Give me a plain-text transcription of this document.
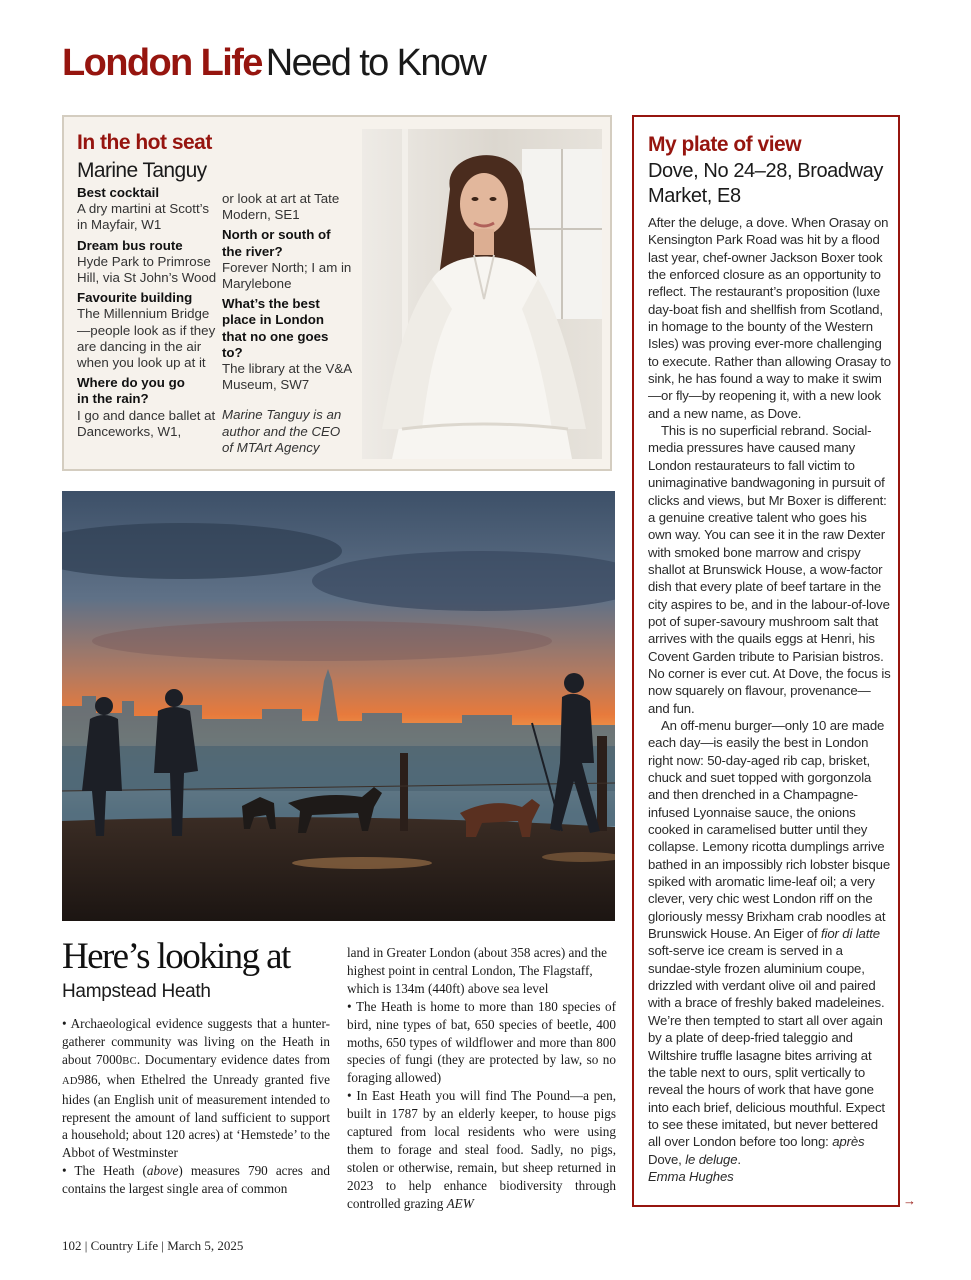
London Life Need to Know
In the hot seat
Marine Tanguy
Best cocktail
A dry martini at Scott’s in Mayfair, W1
Dream bus route
Hyde Park to Primrose Hill, via St John’s Wood
Favourite building
The Millennium Bridge—people look as if they are dancing in the air when you look up at it
Where do you go in the rain?
I go and dance ballet at Danceworks, W1,
or look at art at Tate Modern, SE1
North or south of the river?
Forever North; I am in Marylebone
What’s the best place in London that no one goes to?
The library at the V&A Museum, SW7
Marine Tanguy is an author and the CEO of MTArt Agency
Here’s looking at
Hampstead Heath

• Archaeological evidence suggests that a hunter-gatherer community was living on the Heath in about 7000BC. Documentary evidence dates from AD986, when Ethelred the Unready granted five hides (an English unit of measurement intended to represent the amount of land sufficient to support a household; about 120 acres) at ‘Hemstede’ to the Abbot of Westminster

• The Heath (above) measures 790 acres and contains the largest single area of common

land in Greater London (about 358 acres) and the highest point in central London, The Flagstaff, which is 134m (440ft) above sea level

• The Heath is home to more than 180 species of bird, nine types of bat, 650 species of beetle, 400 moths, 650 types of wildflower and more than 800 species of fungi (they are protected by law, so no foraging allowed)

• In East Heath you will find The Pound—a pen, built in 1787 by an elderly keeper, to house pigs captured from local residents who were using them to forage and steal food. Sadly, no pigs, stolen or otherwise, remain, but sheep returned in 2023 to help enhance biodiversity through controlled grazing AEW

My plate of view
Dove, No 24–28, Broadway Market, E8

After the deluge, a dove. When Orasay on Kensington Park Road was hit by a flood last year, chef-owner Jackson Boxer took the enforced closure as an opportunity to reflect. The restaurant’s proposition (luxe day-boat fish and shellfish from Scotland, in homage to the bounty of the Western Isles) was proving ever-more challenging to execute. Rather than allowing Orasay to sink, he has found a way to make it swim—or fly—by reopening it, with a new look and a new name, as Dove.

This is no superficial rebrand. Social-media pressures have caused many London restaurateurs to fall victim to unimaginative bandwagoning in pursuit of clicks and views, but Mr Boxer is different: a genuine creative talent who goes his own way. You can see it in the raw Dexter with smoked bone marrow and crispy shallot at Brunswick House, a wow-factor dish that every plate of beef tartare in the city aspires to be, and in the labour-of-love pot of super-savoury mushroom salt that arrives with the quails eggs at Henri, his Covent Garden tribute to Parisian bistros. No corner is ever cut. At Dove, the focus is now squarely on flavour, provenance—and fun.

An off-menu burger—only 10 are made each day—is easily the best in London right now: 50-day-aged rib cap, brisket, chuck and suet topped with gorgonzola and then drenched in a Champagne-infused Lyonnaise sauce, the onions cooked in caramelised butter until they collapse. Lemony ricotta dumplings arrive bathed in an impossibly rich lobster bisque spiked with aromatic lime-leaf oil; a very clever, very chic west London riff on the gloriously messy Brixham crab noodles at Brunswick House. An Eiger of fior di latte soft-serve ice cream is served in a sundae-style frozen aluminium coupe, drizzled with verdant olive oil and paired with a brace of freshly baked madeleines. We’re then tempted to start all over again by a plate of deep-fried taleggio and Wiltshire truffle lasagne bites arriving at the table next to ours, split vertically to reveal the hours of work that have gone into each brief, delicious mouthful. Expect to see these imitated, but never bettered all over London before too long: après Dove, le deluge.

Emma Hughes

→
102 | Country Life | March 5, 2025
